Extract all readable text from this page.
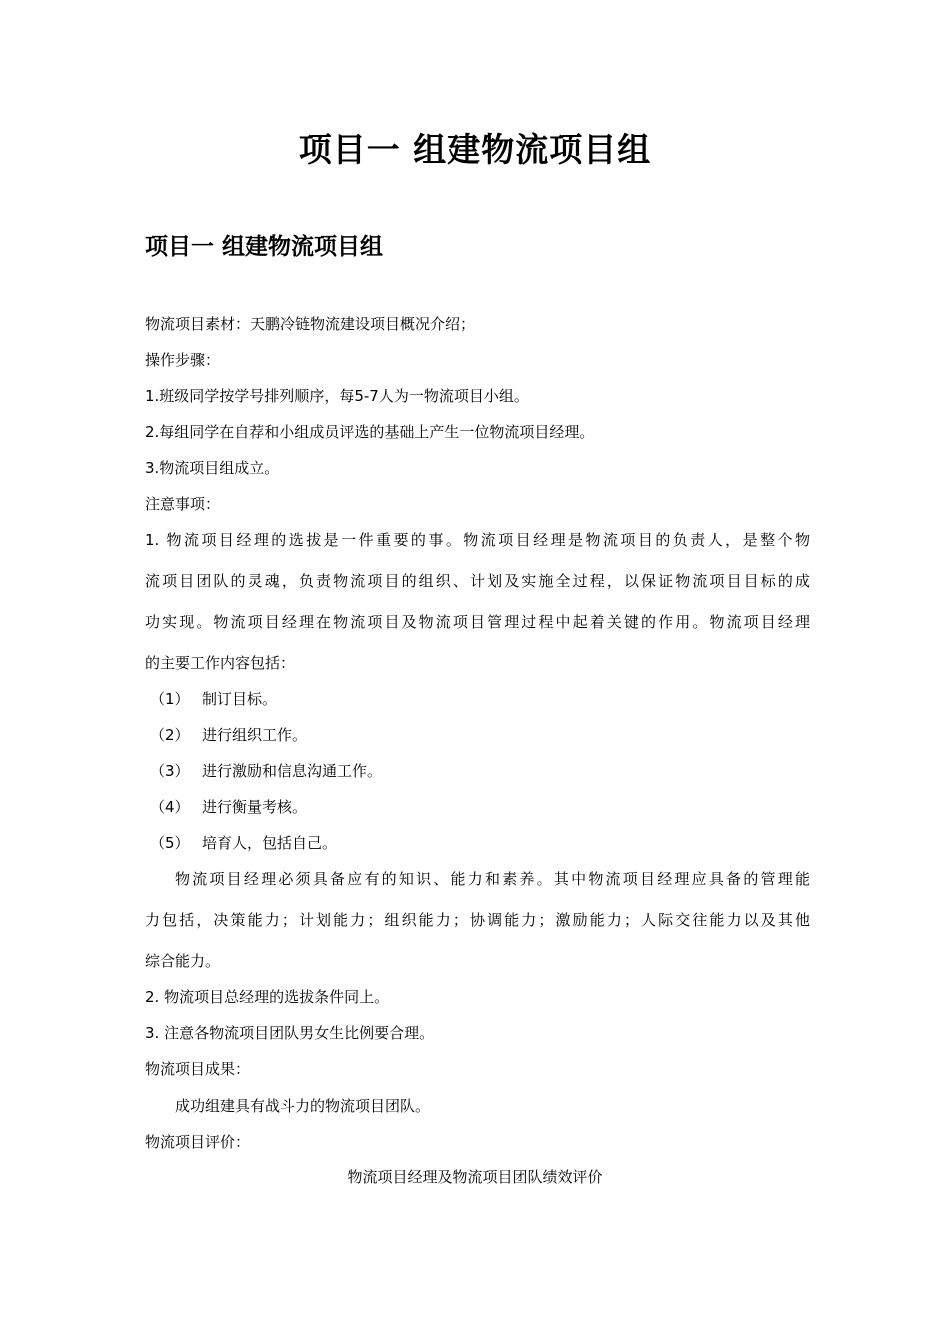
项目一 组建物流项目组
项目一 组建物流项目组
物流项目素材：天鹏冷链物流建设项目概况介绍；
操作步骤：
1.班级同学按学号排列顺序，每5-7人为一物流项目小组。
2.每组同学在自荐和小组成员评选的基础上产生一位物流项目经理。
3.物流项目组成立。
注意事项：
1. 物流项目经理的选拔是一件重要的事。物流项目经理是物流项目的负责人，是整个物
流项目团队的灵魂，负责物流项目的组织、计划及实施全过程，以保证物流项目目标的成
功实现。物流项目经理在物流项目及物流项目管理过程中起着关键的作用。物流项目经理
的主要工作内容包括：
（1） 制订目标。
（2） 进行组织工作。
（3） 进行激励和信息沟通工作。
（4） 进行衡量考核。
（5） 培育人，包括自己。
物流项目经理必须具备应有的知识、能力和素养。其中物流项目经理应具备的管理能
力包括，决策能力；计划能力；组织能力；协调能力；激励能力；人际交往能力以及其他
综合能力。
2. 物流项目总经理的选拔条件同上。
3. 注意各物流项目团队男女生比例要合理。
物流项目成果：
成功组建具有战斗力的物流项目团队。
物流项目评价：
物流项目经理及物流项目团队绩效评价
